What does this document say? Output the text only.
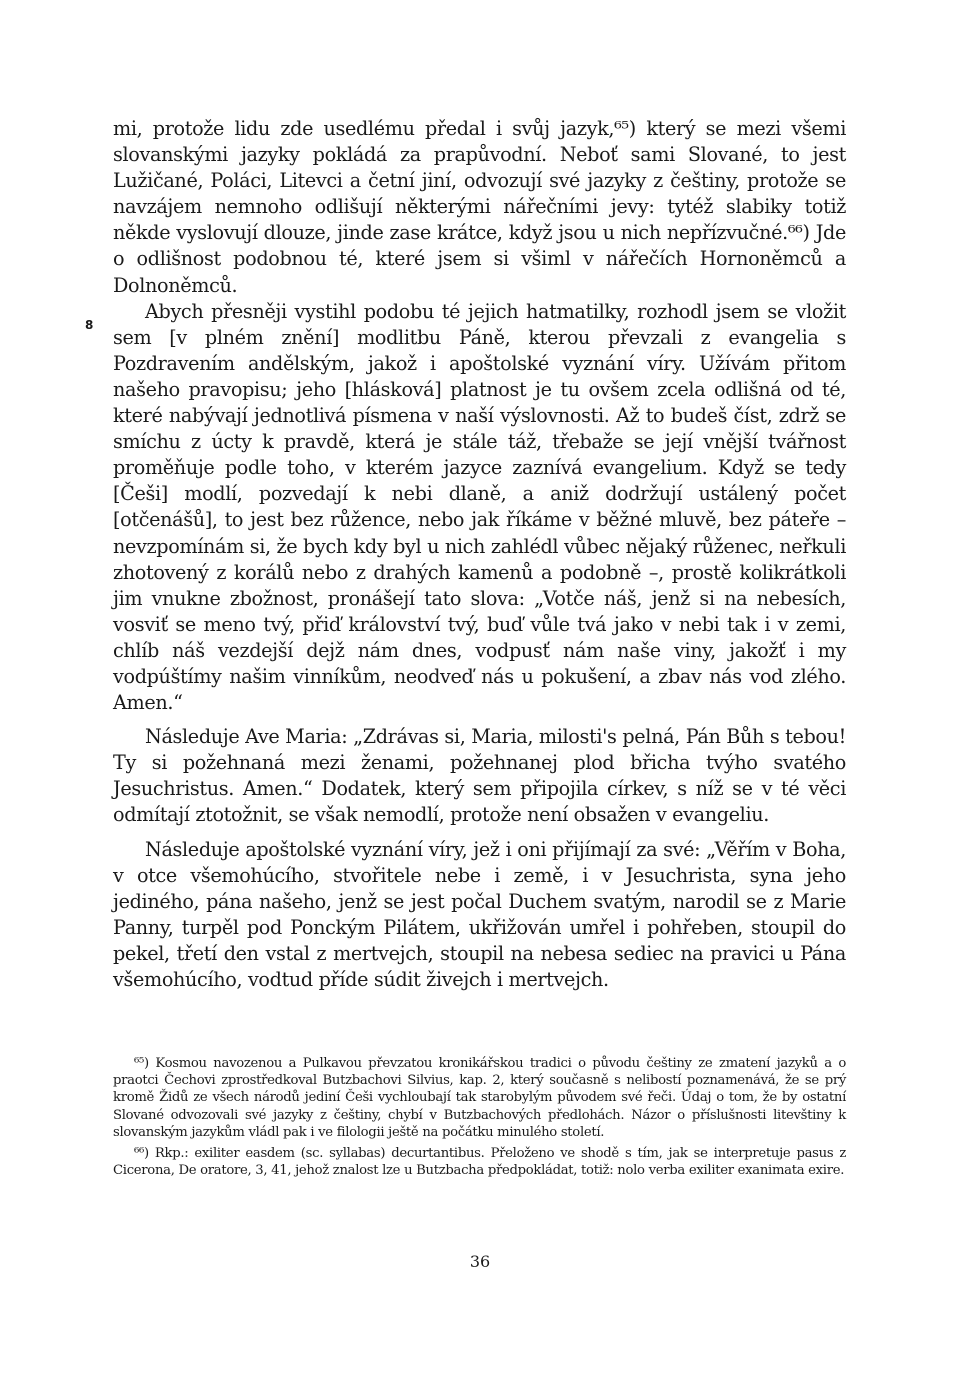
mi, protože lidu zde usedlému předal i svůj jazyk,⁶⁵) který se mezi všemi slovanskými jazyky pokládá za prapůvodní. Neboť sami Slované, to jest Lužičané, Poláci, Litevci a četní jiní, odvozují své jazyky z češtiny, protože se navzájem nemnoho odlišují některými nářečními jevy: tytéž slabiky totiž někde vyslovují dlouze, jinde zase krátce, když jsou u nich nepřízvučné.⁶⁶) Jde o odlišnost podobnou té, které jsem si všiml v nářečích Hornoněmců a Dolnoněmců.

Abych přesněji vystihl podobu té jejich hatmatilky, rozhodl jsem se vložit sem [v plném znění] modlitbu Páně, kterou převzali z evangelia s Pozdravením andělským, jakož i apoštolské vyznání víry. Užívám přitom našeho pravopisu; jeho [hlásková] platnost je tu ovšem zcela odlišná od té, které nabývají jednotlivá písmena v naší výslovnosti. Až to budeš číst, zdrž se smíchu z úcty k pravdě, která je stále táž, třebaže se její vnější tvářnost proměňuje podle toho, v kterém jazyce zaznívá evangelium. Když se tedy [Češi] modlí, pozvedají k nebi dlaně, a aniž dodržují ustálený počet [otčenášů], to jest bez růžence, nebo jak říkáme v běžné mluvě, bez páteře – nevzpomínám si, že bych kdy byl u nich zahlédl vůbec nějaký růženec, neřkuli zhotovený z korálů nebo z drahých kamenů a podobně –, prostě kolikrátkoli jim vnukne zbožnost, pronášejí tato slova: „Votče náš, jenž si na nebesích, vosviť se meno tvý, přiď království tvý, buď vůle tvá jako v nebi tak i v zemi, chlíb náš vezdejší dejž nám dnes, vodpusť nám naše viny, jakožť i my vodpúštímy našim vinníkům, neodveď nás u pokušení, a zbav nás vod zlého. Amen.“

Následuje Ave Maria: „Zdrávas si, Maria, milosti's pelná, Pán Bůh s tebou! Ty si požehnaná mezi ženami, požehnanej plod břicha tvýho svatého Jesuchristus. Amen.“ Dodatek, který sem připojila církev, s níž se v té věci odmítají ztotožnit, se však nemodlí, protože není obsažen v evangeliu.

Následuje apoštolské vyznání víry, jež i oni přijímají za své: „Věřím v Boha, v otce všemohúcího, stvořitele nebe i země, i v Jesuchrista, syna jeho jediného, pána našeho, jenž se jest počal Duchem svatým, narodil se z Marie Panny, turpěl pod Ponckým Pilátem, ukřižován umřel i pohřeben, stoupil do pekel, třetí den vstal z mertvejch, stoupil na nebesa sediec na pravici u Pána všemohúcího, vodtud příde súdit živejch i mertvejch.

8

⁶⁵) Kosmou navozenou a Pulkavou převzatou kronikářskou tradici o původu češtiny ze zmatení jazyků a o praotci Čechovi zprostředkoval Butzbachovi Silvius, kap. 2, který současně s nelibostí poznamenává, že se prý kromě Židů ze všech národů jediní Češi vychloubají tak starobylým původem své řeči. Údaj o tom, že by ostatní Slované odvozovali své jazyky z češtiny, chybí v Butzbachových předlohách. Názor o příslušnosti litevštiny k slovanským jazykům vládl pak i ve filologii ještě na počátku minulého století.

⁶⁶) Rkp.: exiliter easdem (sc. syllabas) decurtantibus. Přeloženo ve shodě s tím, jak se interpretuje pasus z Cicerona, De oratore, 3, 41, jehož znalost lze u Butzbacha předpokládat, totiž: nolo verba exiliter exanimata exire.

36
